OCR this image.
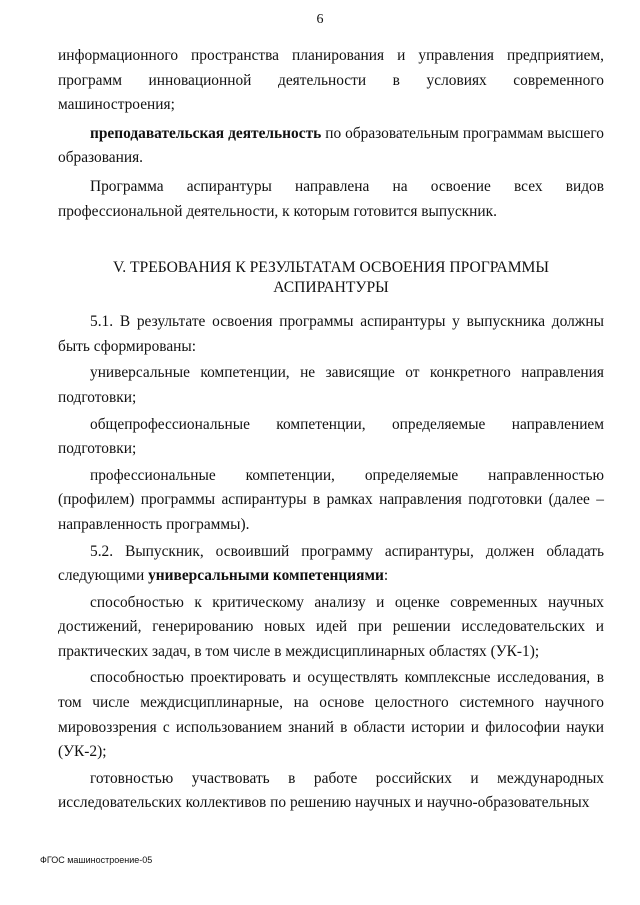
6

информационного пространства планирования и управления предприятием, программ инновационной деятельности в условиях современного машиностроения;

преподавательская деятельность по образовательным программам высшего образования.

Программа аспирантуры направлена на освоение всех видов профессиональной деятельности, к которым готовится выпускник.

V. ТРЕБОВАНИЯ К РЕЗУЛЬТАТАМ ОСВОЕНИЯ ПРОГРАММЫ
АСПИРАНТУРЫ

5.1. В результате освоения программы аспирантуры у выпускника должны быть сформированы:

универсальные компетенции, не зависящие от конкретного направления подготовки;

общепрофессиональные компетенции, определяемые направлением подготовки;

профессиональные компетенции, определяемые направленностью (профилем) программы аспирантуры в рамках направления подготовки (далее – направленность программы).

5.2. Выпускник, освоивший программу аспирантуры, должен обладать следующими универсальными компетенциями:

способностью к критическому анализу и оценке современных научных достижений, генерированию новых идей при решении исследовательских и практических задач, в том числе в междисциплинарных областях (УК-1);

способностью проектировать и осуществлять комплексные исследования, в том числе междисциплинарные, на основе целостного системного научного мировоззрения с использованием знаний в области истории и философии науки (УК-2);

готовностью участвовать в работе российских и международных исследовательских коллективов по решению научных и научно-образовательных

ФГОС машиностроение-05
